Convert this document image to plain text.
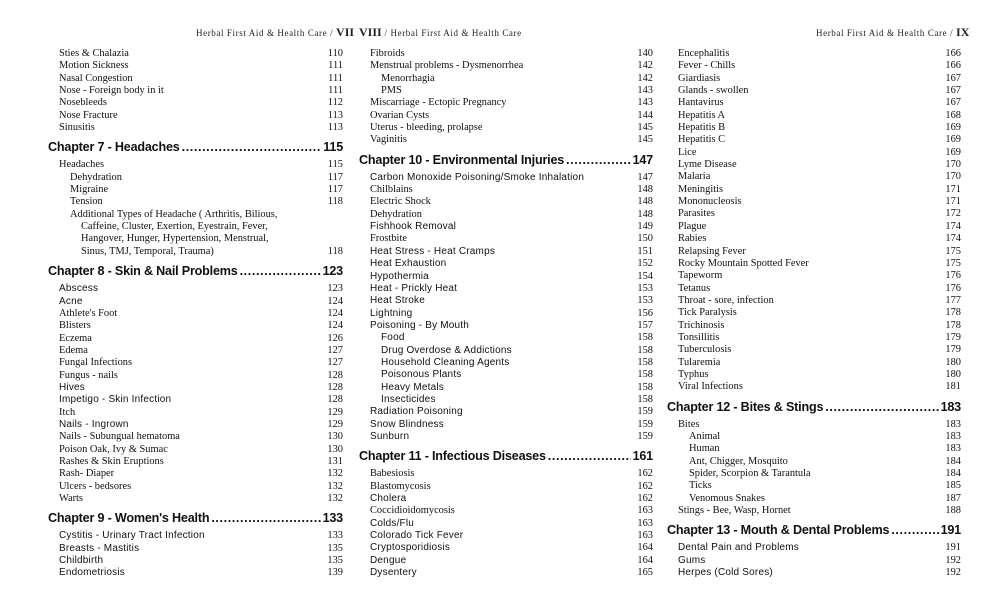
Herbal First Aid & Health Care / VII VIII / Herbal First Aid & Health Care	Herbal First Aid & Health Care / IX
Sties & Chalazia	110
Motion Sickness	111
Nasal Congestion	111
Nose - Foreign body in it	111
Nosebleeds	112
Nose Fracture	113
Sinusitis	113
Chapter 7 - Headaches .....	115
Headaches	115
Dehydration	117
Migraine	117
Tension	118
Additional Types of Headache ( Arthritis, Bilious,
Caffeine, Cluster, Exertion, Eyestrain, Fever,
Hangover, Hunger, Hypertension, Menstrual,
Sinus, TMJ, Temporal, Trauma)	118
Chapter 8 - Skin & Nail Problems .....	123
Abscess	123
Acne	124
Athlete's Foot	124
Blisters	124
Eczema	126
Edema	127
Fungal Infections	127
Fungus - nails	128
Hives	128
Impetigo - Skin Infection	128
Itch	129
Nails - Ingrown	129
Nails - Subungual hematoma	130
Poison Oak, Ivy & Sumac	130
Rashes & Skin Eruptions	131
Rash- Diaper	132
Ulcers - bedsores	132
Warts	132
Chapter 9 - Women's Health .....	133
Cystitis - Urinary Tract Infection	133
Breasts - Mastitis	135
Childbirth	135
Endometriosis	139
Fibroids	140
Menstrual problems - Dysmenorrhea	142
Menorrhagia	142
PMS	143
Miscarriage - Ectopic Pregnancy	143
Ovarian Cysts	144
Uterus - bleeding, prolapse	145
Vaginitis	145
Chapter 10 - Environmental Injuries .....	147
Carbon Monoxide Poisoning/Smoke Inhalation	147
Chilblains	148
Electric Shock	148
Dehydration	148
Fishhook Removal	149
Frostbite	150
Heat Stress - Heat Cramps	151
Heat Exhaustion	152
Hypothermia	154
Heat - Prickly Heat	153
Heat Stroke	153
Lightning	156
Poisoning - By Mouth	157
Food	158
Drug Overdose & Addictions	158
Household Cleaning Agents	158
Poisonous Plants	158
Heavy Metals	158
Insecticides	158
Radiation Poisoning	159
Snow Blindness	159
Sunburn	159
Chapter 11 - Infectious Diseases .....	161
Babesiosis	162
Blastomycosis	162
Cholera	162
Coccidioidomycosis	163
Colds/Flu	163
Colorado Tick Fever	163
Cryptosporidiosis	164
Dengue	164
Dysentery	165
Encephalitis	166
Fever - Chills	166
Giardiasis	167
Glands - swollen	167
Hantavirus	167
Hepatitis A	168
Hepatitis B	169
Hepatitis C	169
Lice	169
Lyme Disease	170
Malaria	170
Meningitis	171
Mononucleosis	171
Parasites	172
Plague	174
Rabies	174
Relapsing Fever	175
Rocky Mountain Spotted Fever	175
Tapeworm	176
Tetanus	176
Throat - sore, infection	177
Tick Paralysis	178
Trichinosis	178
Tonsillitis	179
Tuberculosis	179
Tularemia	180
Typhus	180
Viral Infections	181
Chapter 12 - Bites & Stings .....	183
Bites	183
Animal	183
Human	183
Ant, Chigger, Mosquito	184
Spider, Scorpion & Tarantula	184
Ticks	185
Venomous Snakes	187
Stings - Bee, Wasp, Hornet	188
Chapter 13 - Mouth & Dental Problems .....	191
Dental Pain and Problems	191
Gums	192
Herpes (Cold Sores)	192
